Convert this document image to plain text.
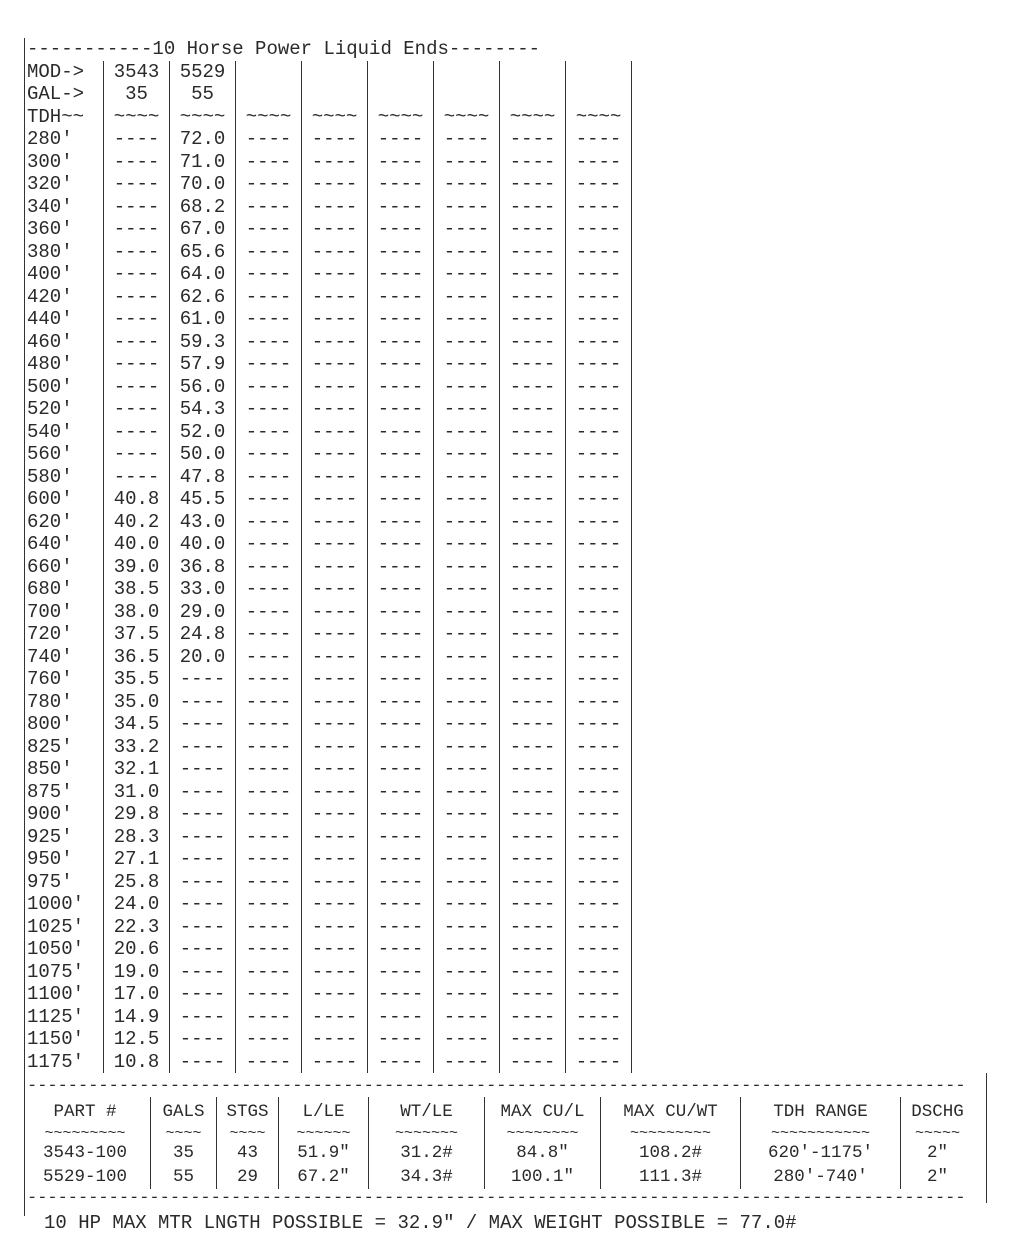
-----------10 Horse Power Liquid Ends--------
MOD->	3543	5529
GAL->	35	55
TDH~~	~~~~	~~~~	~~~~	~~~~	~~~~	~~~~	~~~~	~~~~
280'	----	72.0	----	----	----	----	----	----
300'	----	71.0	----	----	----	----	----	----
320'	----	70.0	----	----	----	----	----	----
340'	----	68.2	----	----	----	----	----	----
360'	----	67.0	----	----	----	----	----	----
380'	----	65.6	----	----	----	----	----	----
400'	----	64.0	----	----	----	----	----	----
420'	----	62.6	----	----	----	----	----	----
440'	----	61.0	----	----	----	----	----	----
460'	----	59.3	----	----	----	----	----	----
480'	----	57.9	----	----	----	----	----	----
500'	----	56.0	----	----	----	----	----	----
520'	----	54.3	----	----	----	----	----	----
540'	----	52.0	----	----	----	----	----	----
560'	----	50.0	----	----	----	----	----	----
580'	----	47.8	----	----	----	----	----	----
600'	40.8	45.5	----	----	----	----	----	----
620'	40.2	43.0	----	----	----	----	----	----
640'	40.0	40.0	----	----	----	----	----	----
660'	39.0	36.8	----	----	----	----	----	----
680'	38.5	33.0	----	----	----	----	----	----
700'	38.0	29.0	----	----	----	----	----	----
720'	37.5	24.8	----	----	----	----	----	----
740'	36.5	20.0	----	----	----	----	----	----
760'	35.5	----	----	----	----	----	----	----
780'	35.0	----	----	----	----	----	----	----
800'	34.5	----	----	----	----	----	----	----
825'	33.2	----	----	----	----	----	----	----
850'	32.1	----	----	----	----	----	----	----
875'	31.0	----	----	----	----	----	----	----
900'	29.8	----	----	----	----	----	----	----
925'	28.3	----	----	----	----	----	----	----
950'	27.1	----	----	----	----	----	----	----
975'	25.8	----	----	----	----	----	----	----
1000'	24.0	----	----	----	----	----	----	----
1025'	22.3	----	----	----	----	----	----	----
1050'	20.6	----	----	----	----	----	----	----
1075'	19.0	----	----	----	----	----	----	----
1100'	17.0	----	----	----	----	----	----	----
1125'	14.9	----	----	----	----	----	----	----
1150'	12.5	----	----	----	----	----	----	----
1175'	10.8	----	----	----	----	----	----	----
--------------------------------------------------------------------------------------------
PART #	GALS	STGS	L/LE	WT/LE	MAX CU/L	MAX CU/WT	TDH RANGE	DSCHG
~~~~~~~~~	~~~~	~~~~	~~~~~~	~~~~~~~	~~~~~~~~	~~~~~~~~~	~~~~~~~~~~~	~~~~~
3543-100	35	43	51.9"	31.2#	84.8"	108.2#	620'-1175'	2"
5529-100	55	29	67.2"	34.3#	100.1"	111.3#	280'-740'	2"
--------------------------------------------------------------------------------------------
10 HP MAX MTR LNGTH POSSIBLE = 32.9" / MAX WEIGHT POSSIBLE = 77.0#
